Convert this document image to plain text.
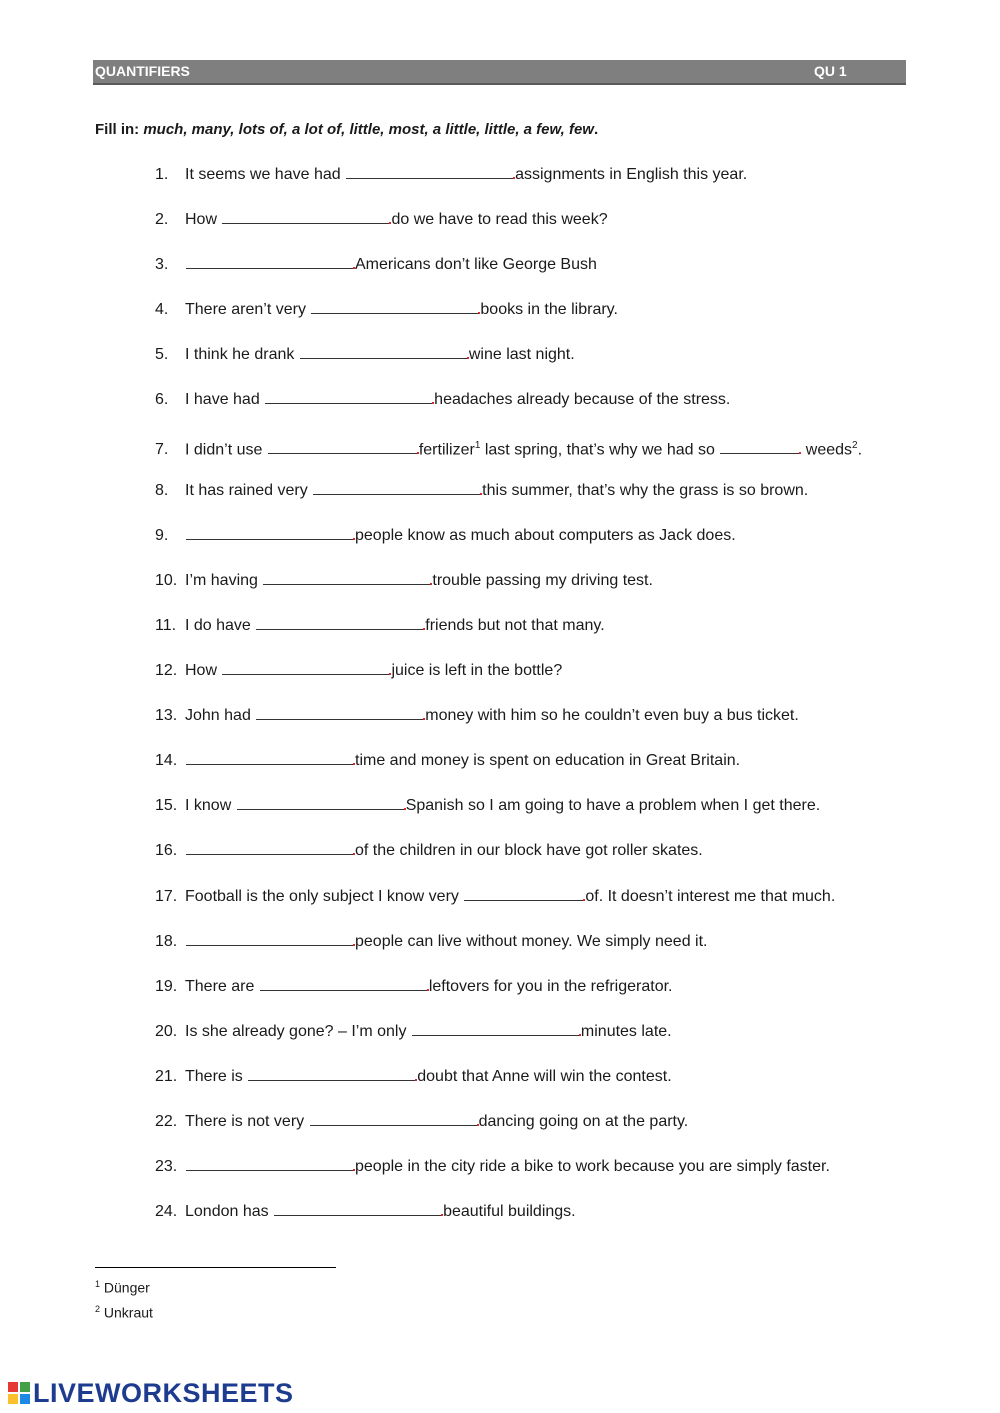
QUANTIFIERS	QU 1
Fill in: much, many, lots of, a lot of, little, most, a little, little, a few, few.
1. It seems we have had	assignments in English this year.
2. How	do we have to read this week?
3.	Americans don’t like George Bush
4. There aren’t very	books in the library.
5. I think he drank	wine last night.
6. I have had	headaches already because of the stress.
7. I didn’t use	fertilizer$^1$ last spring, that’s why we had so	weeds$^2$.
8. It has rained very	this summer, that’s why the grass is so brown.
9.	people know as much about computers as Jack does.
10. I’m having	trouble passing my driving test.
11. I do have	friends but not that many.
12. How	juice is left in the bottle?
13. John had	money with him so he couldn’t even buy a bus ticket.
14.	time and money is spent on education in Great Britain.
15. I know	Spanish so I am going to have a problem when I get there.
16.	of the children in our block have got roller skates.
17. Football is the only subject I know very	of. It doesn’t interest me that much.
18.	people can live without money. We simply need it.
19. There are	leftovers for you in the refrigerator.
20. Is she already gone? – I’m only	minutes late.
21. There is	doubt that Anne will win the contest.
22. There is not very	dancing going on at the party.
23.	people in the city ride a bike to work because you are simply faster.
24. London has	beautiful buildings.
$^1$ Dünger
$^2$ Unkraut
LIVEWORKSHEETS
